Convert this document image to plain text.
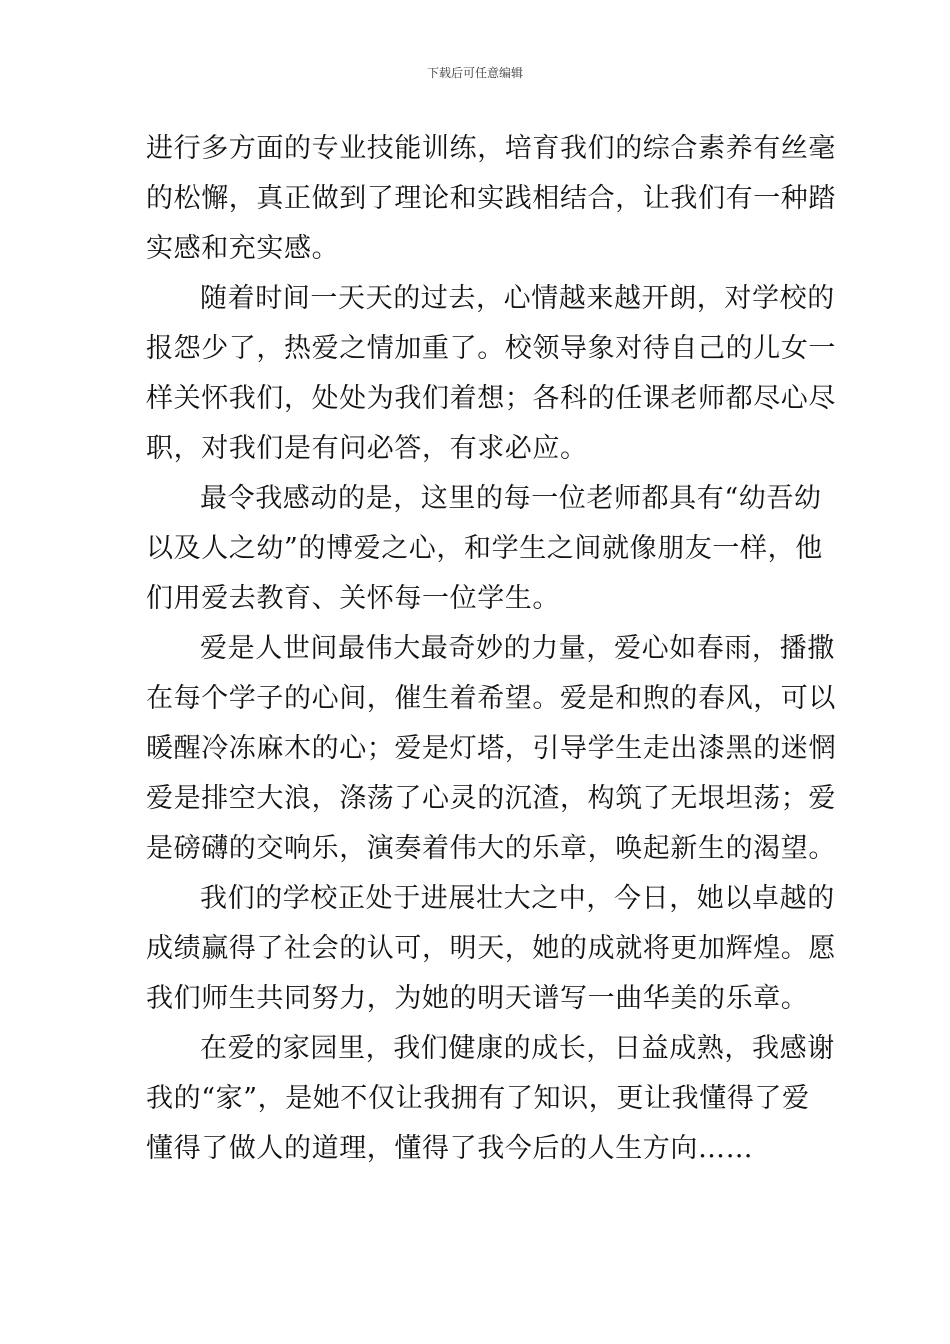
下载后可任意编辑
进行多方面的专业技能训练，培育我们的综合素养有丝毫
的松懈，真正做到了理论和实践相结合，让我们有一种踏
实感和充实感。
随着时间一天天的过去，心情越来越开朗，对学校的
报怨少了，热爱之情加重了。校领导象对待自己的儿女一
样关怀我们，处处为我们着想；各科的任课老师都尽心尽
职，对我们是有问必答，有求必应。
最令我感动的是，这里的每一位老师都具有“幼吾幼
以及人之幼”的博爱之心，和学生之间就像朋友一样，他
们用爱去教育、关怀每一位学生。
爱是人世间最伟大最奇妙的力量，爱心如春雨，播撒
在每个学子的心间，催生着希望。爱是和煦的春风，可以
暖醒冷冻麻木的心；爱是灯塔，引导学生走出漆黑的迷惘
爱是排空大浪，涤荡了心灵的沉渣，构筑了无垠坦荡；爱
是磅礴的交响乐，演奏着伟大的乐章，唤起新生的渴望。
我们的学校正处于进展壮大之中，今日，她以卓越的
成绩赢得了社会的认可，明天，她的成就将更加辉煌。愿
我们师生共同努力，为她的明天谱写一曲华美的乐章。
在爱的家园里，我们健康的成长，日益成熟，我感谢
我的“家”，是她不仅让我拥有了知识，更让我懂得了爱
懂得了做人的道理，懂得了我今后的人生方向……
